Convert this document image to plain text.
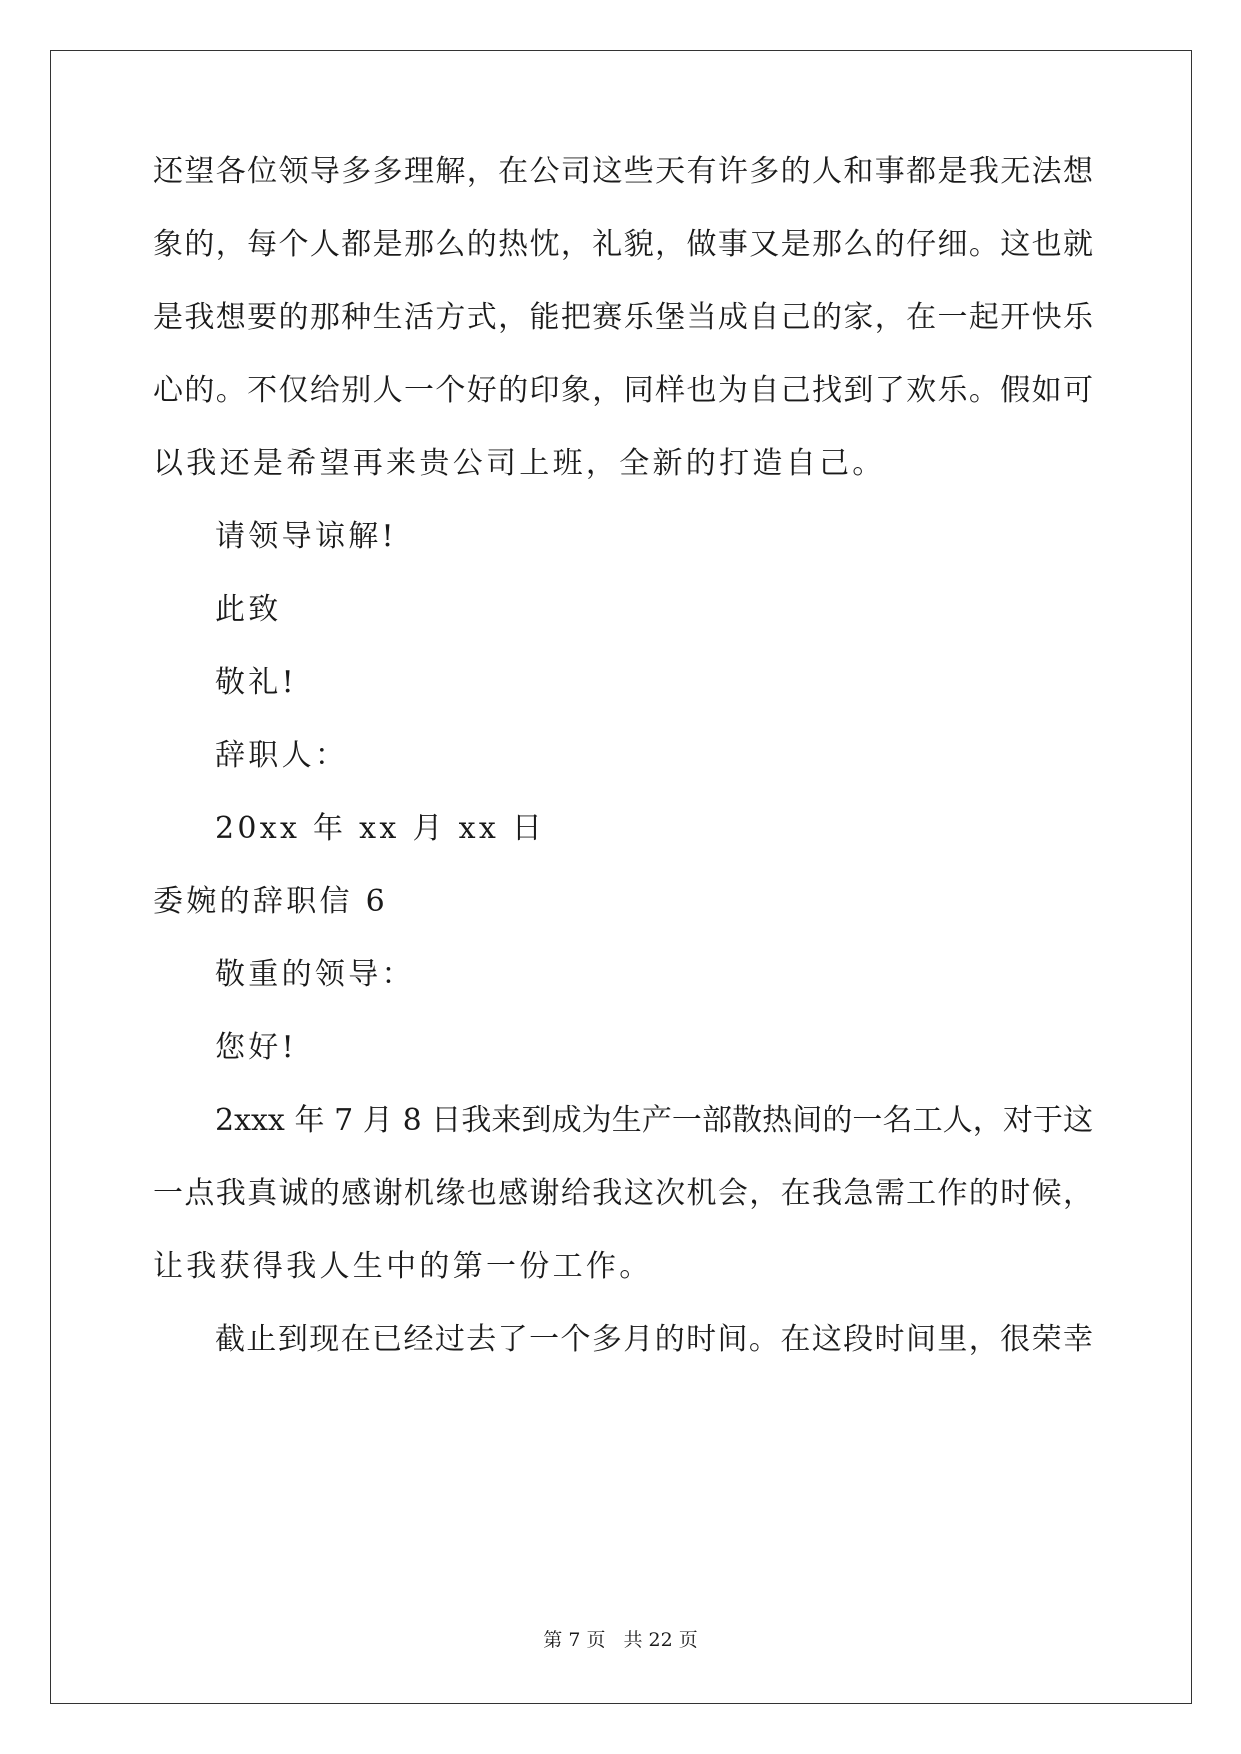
还望各位领导多多理解，在公司这些天有许多的人和事都是我无法想
象的，每个人都是那么的热忱，礼貌，做事又是那么的仔细。这也就
是我想要的那种生活方式，能把赛乐堡当成自己的家，在一起开快乐
心的。不仅给别人一个好的印象，同样也为自己找到了欢乐。假如可
以我还是希望再来贵公司上班，全新的打造自己。
请领导谅解!
此致
敬礼!
辞职人：
20xx 年 xx 月 xx 日
委婉的辞职信 6
敬重的领导：
您好!
2xxx 年 7 月 8 日我来到成为生产一部散热间的一名工人，对于这
一点我真诚的感谢机缘也感谢给我这次机会，在我急需工作的时候，
让我获得我人生中的第一份工作。
截止到现在已经过去了一个多月的时间。在这段时间里，很荣幸
第 7 页 共 22 页
